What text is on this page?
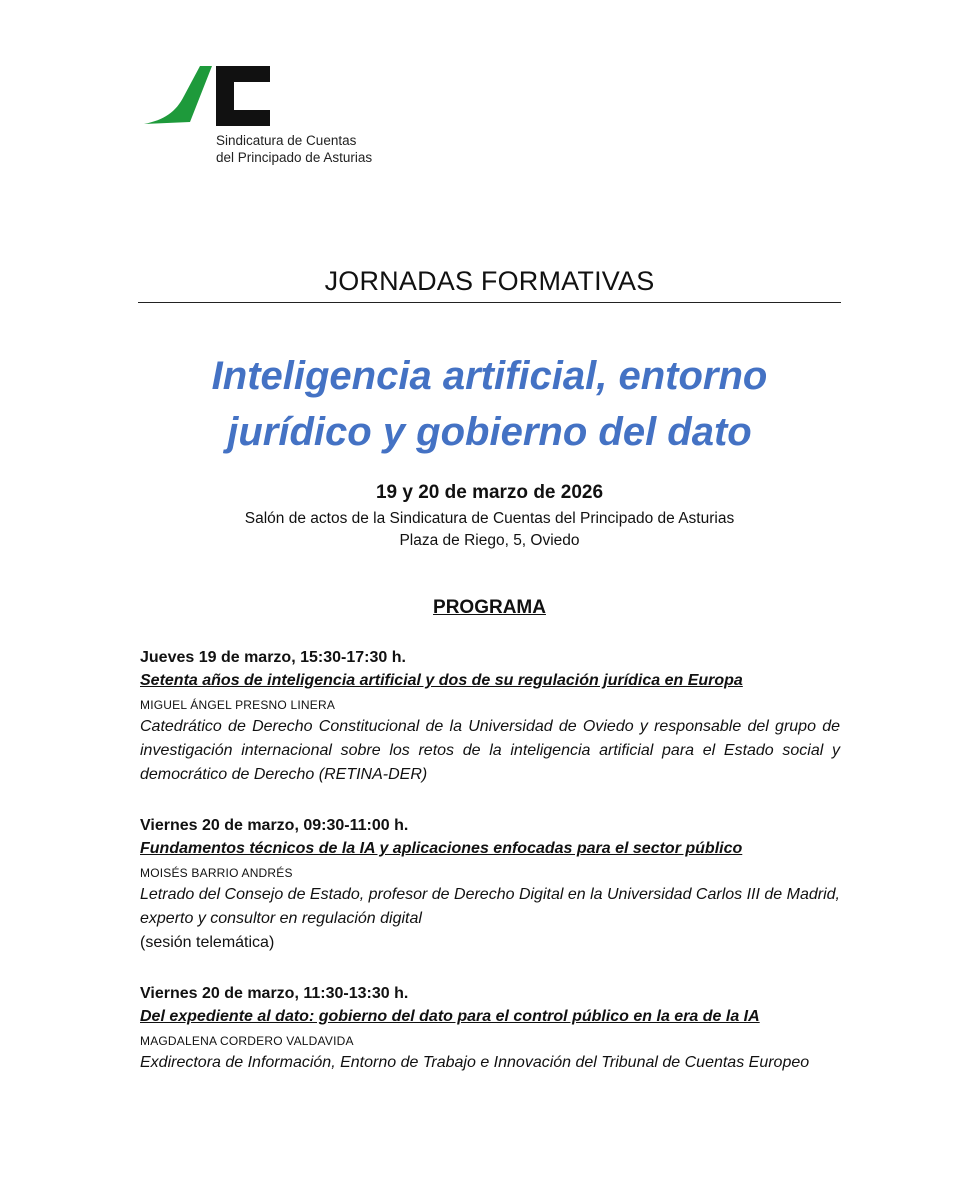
Sindicatura de Cuentas
del Principado de Asturias
JORNADAS FORMATIVAS
Inteligencia artificial, entorno
jurídico y gobierno del dato
19 y 20 de marzo de 2026
Salón de actos de la Sindicatura de Cuentas del Principado de Asturias
Plaza de Riego, 5, Oviedo
PROGRAMA
Jueves 19 de marzo, 15:30-17:30 h.
Setenta años de inteligencia artificial y dos de su regulación jurídica en Europa
MIGUEL ÁNGEL PRESNO LINERA
Catedrático de Derecho Constitucional de la Universidad de Oviedo y responsable del grupo de investigación internacional sobre los retos de la inteligencia artificial para el Estado social y democrático de Derecho (RETINA-DER)
Viernes 20 de marzo, 09:30-11:00 h.
Fundamentos técnicos de la IA y aplicaciones enfocadas para el sector público
MOISÉS BARRIO ANDRÉS
Letrado del Consejo de Estado, profesor de Derecho Digital en la Universidad Carlos III de Madrid, experto y consultor en regulación digital
(sesión telemática)
Viernes 20 de marzo, 11:30-13:30 h.
Del expediente al dato: gobierno del dato para el control público en la era de la IA
MAGDALENA CORDERO VALDAVIDA
Exdirectora de Información, Entorno de Trabajo e Innovación del Tribunal de Cuentas Europeo
